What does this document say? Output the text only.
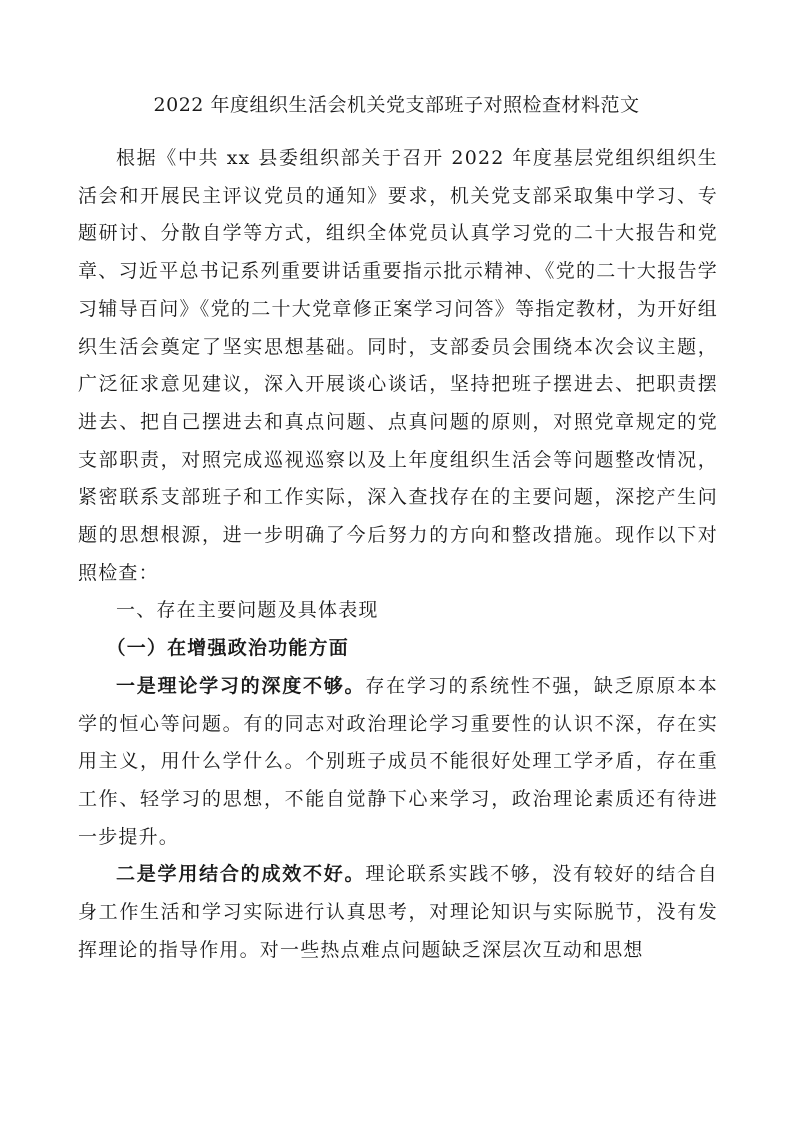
2022 年度组织生活会机关党支部班子对照检查材料范文

根据《中共 xx 县委组织部关于召开 2022 年度基层党组织组织生活会和开展民主评议党员的通知》要求，机关党支部采取集中学习、专题研讨、分散自学等方式，组织全体党员认真学习党的二十大报告和党章、习近平总书记系列重要讲话重要指示批示精神、《党的二十大报告学习辅导百问》《党的二十大党章修正案学习问答》等指定教材，为开好组织生活会奠定了坚实思想基础。同时，支部委员会围绕本次会议主题，广泛征求意见建议，深入开展谈心谈话，坚持把班子摆进去、把职责摆进去、把自己摆进去和真点问题、点真问题的原则，对照党章规定的党支部职责，对照完成巡视巡察以及上年度组织生活会等问题整改情况，紧密联系支部班子和工作实际，深入查找存在的主要问题，深挖产生问题的思想根源，进一步明确了今后努力的方向和整改措施。现作以下对照检查：

一、存在主要问题及具体表现

（一）在增强政治功能方面

一是理论学习的深度不够。存在学习的系统性不强，缺乏原原本本学的恒心等问题。有的同志对政治理论学习重要性的认识不深，存在实用主义，用什么学什么。个别班子成员不能很好处理工学矛盾，存在重工作、轻学习的思想，不能自觉静下心来学习，政治理论素质还有待进一步提升。

二是学用结合的成效不好。理论联系实践不够，没有较好的结合自身工作生活和学习实际进行认真思考，对理论知识与实际脱节，没有发挥理论的指导作用。对一些热点难点问题缺乏深层次互动和思想
